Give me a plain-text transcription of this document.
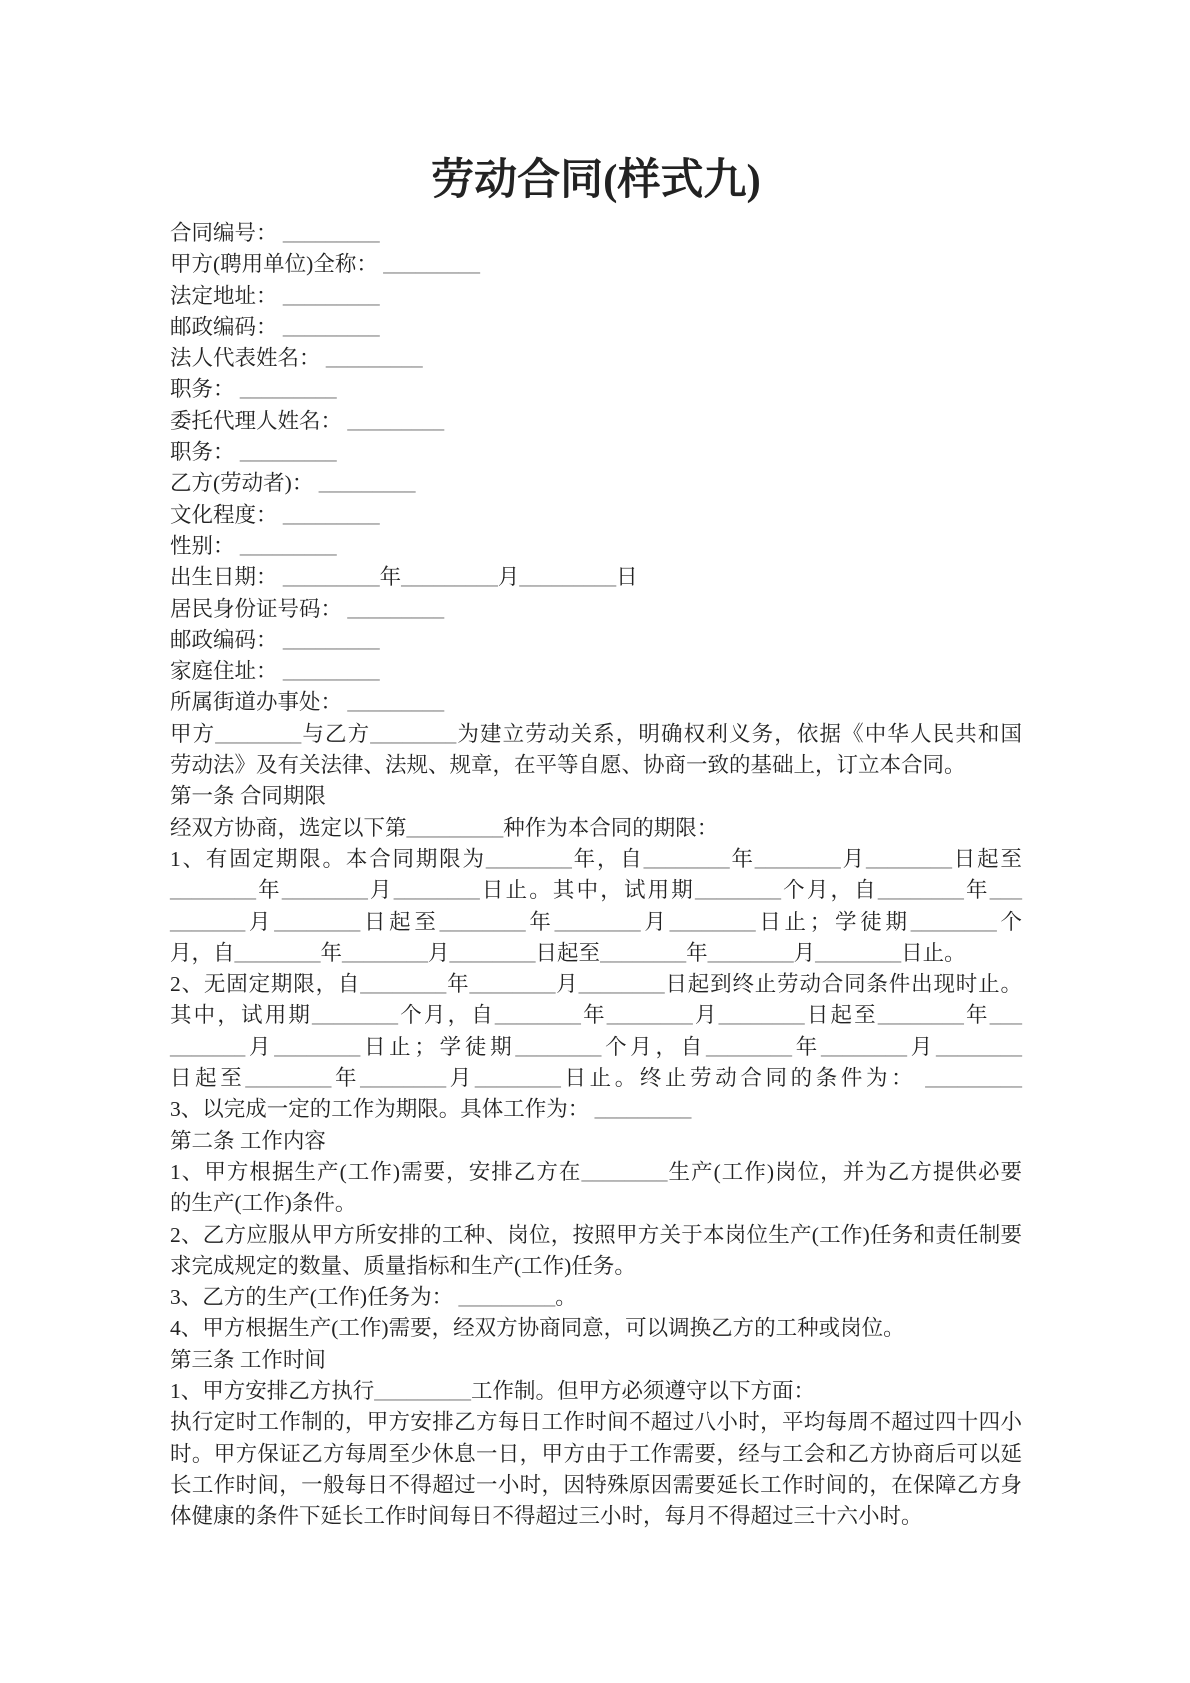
劳动合同(样式九)
合同编号： _________
甲方(聘用单位)全称： _________
法定地址： _________
邮政编码： _________
法人代表姓名： _________
职务： _________
委托代理人姓名： _________
职务： _________
乙方(劳动者)： _________
文化程度： _________
性别： _________
出生日期： _________年_________月_________日
居民身份证号码： _________
邮政编码： _________
家庭住址： _________
所属街道办事处： _________
甲方________与乙方________为建立劳动关系，明确权利义务，依据《中华人民共和国
劳动法》及有关法律、法规、规章，在平等自愿、协商一致的基础上，订立本合同。
第一条 合同期限
经双方协商，选定以下第_________种作为本合同的期限：
1、有固定期限。本合同期限为________年，自________年________月________日起至
________年________月________日止。其中，试用期________个月，自________年___
_______月________日起至________年________月________日止；学徒期________个
月，自________年________月________日起至________年________月________日止。
2、无固定期限，自________年________月________日起到终止劳动合同条件出现时止。
其中，试用期________个月，自________年________月________日起至________年___
_______月________日止；学徒期________个月，自________年________月________
日起至________年________月________日止。终止劳动合同的条件为： _________
3、以完成一定的工作为期限。具体工作为： _________
第二条 工作内容
1、甲方根据生产(工作)需要，安排乙方在________生产(工作)岗位，并为乙方提供必要
的生产(工作)条件。
2、乙方应服从甲方所安排的工种、岗位，按照甲方关于本岗位生产(工作)任务和责任制要
求完成规定的数量、质量指标和生产(工作)任务。
3、乙方的生产(工作)任务为： _________。
4、甲方根据生产(工作)需要，经双方协商同意，可以调换乙方的工种或岗位。
第三条 工作时间
1、甲方安排乙方执行_________工作制。但甲方必须遵守以下方面：
执行定时工作制的，甲方安排乙方每日工作时间不超过八小时，平均每周不超过四十四小
时。甲方保证乙方每周至少休息一日，甲方由于工作需要，经与工会和乙方协商后可以延
长工作时间，一般每日不得超过一小时，因特殊原因需要延长工作时间的，在保障乙方身
体健康的条件下延长工作时间每日不得超过三小时，每月不得超过三十六小时。
